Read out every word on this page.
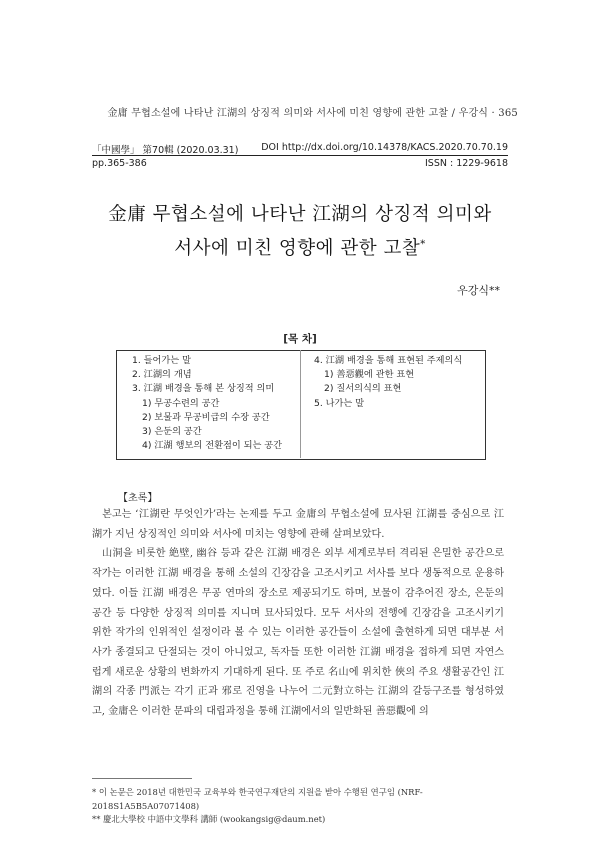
金庸 무협소설에 나타난 江湖의 상징적 의미와 서사에 미친 영향에 관한 고찰 / 우강식 · 365
「中國學」 第70輯 (2020.03.31) DOI http://dx.doi.org/10.14378/KACS.2020.70.70.19
pp.365-386	ISSN : 1229-9618
金庸 무협소설에 나타난 江湖의 상징적 의미와
서사에 미친 영향에 관한 고찰*
우강식**
[목 차]
1. 들어가는 말
2. 江湖의 개념
3. 江湖 배경을 통해 본 상징적 의미
1) 무공수련의 공간
2) 보물과 무공비급의 수장 공간
3) 은둔의 공간
4) 江湖 행보의 전환점이 되는 공간
4. 江湖 배경을 통해 표현된 주제의식
1) 善惡觀에 관한 표현
2) 질서의식의 표현
5. 나가는 말
【초록】

본고는 ‘江湖란 무엇인가’라는 논제를 두고 金庸의 무협소설에 묘사된 江湖를 중심으로 江湖가 지닌 상징적인 의미와 서사에 미치는 영향에 관해 살펴보았다.

山洞을 비롯한 絶壁, 幽谷 등과 같은 江湖 배경은 외부 세계로부터 격리된 은밀한 공간으로 작가는 이러한 江湖 배경을 통해 소설의 긴장감을 고조시키고 서사를 보다 생동적으로 운용하였다. 이들 江湖 배경은 무공 연마의 장소로 제공되기도 하며, 보물이 감추어진 장소, 은둔의 공간 등 다양한 상징적 의미를 지니며 묘사되었다. 모두 서사의 전행에 긴장감을 고조시키기 위한 작가의 인위적인 설정이라 볼 수 있는 이러한 공간들이 소설에 출현하게 되면 대부분 서사가 종결되고 단절되는 것이 아니었고, 독자들 또한 이러한 江湖 배경을 접하게 되면 자연스럽게 새로운 상황의 변화까지 기대하게 된다. 또 주로 名山에 위치한 俠의 주요 생활공간인 江湖의 각종 門派는 각기 正과 邪로 진영을 나누어 二元對立하는 江湖의 갈등구조를 형성하였고, 金庸은 이러한 문파의 대립과정을 통해 江湖에서의 일반화된 善惡觀에 의

* 이 논문은 2018년 대한민국 교육부와 한국연구재단의 지원을 받아 수행된 연구임 (NRF-2018S1A5B5A07071408)
** 慶北大學校 中語中文學科 講師 (wookangsig@daum.net)
